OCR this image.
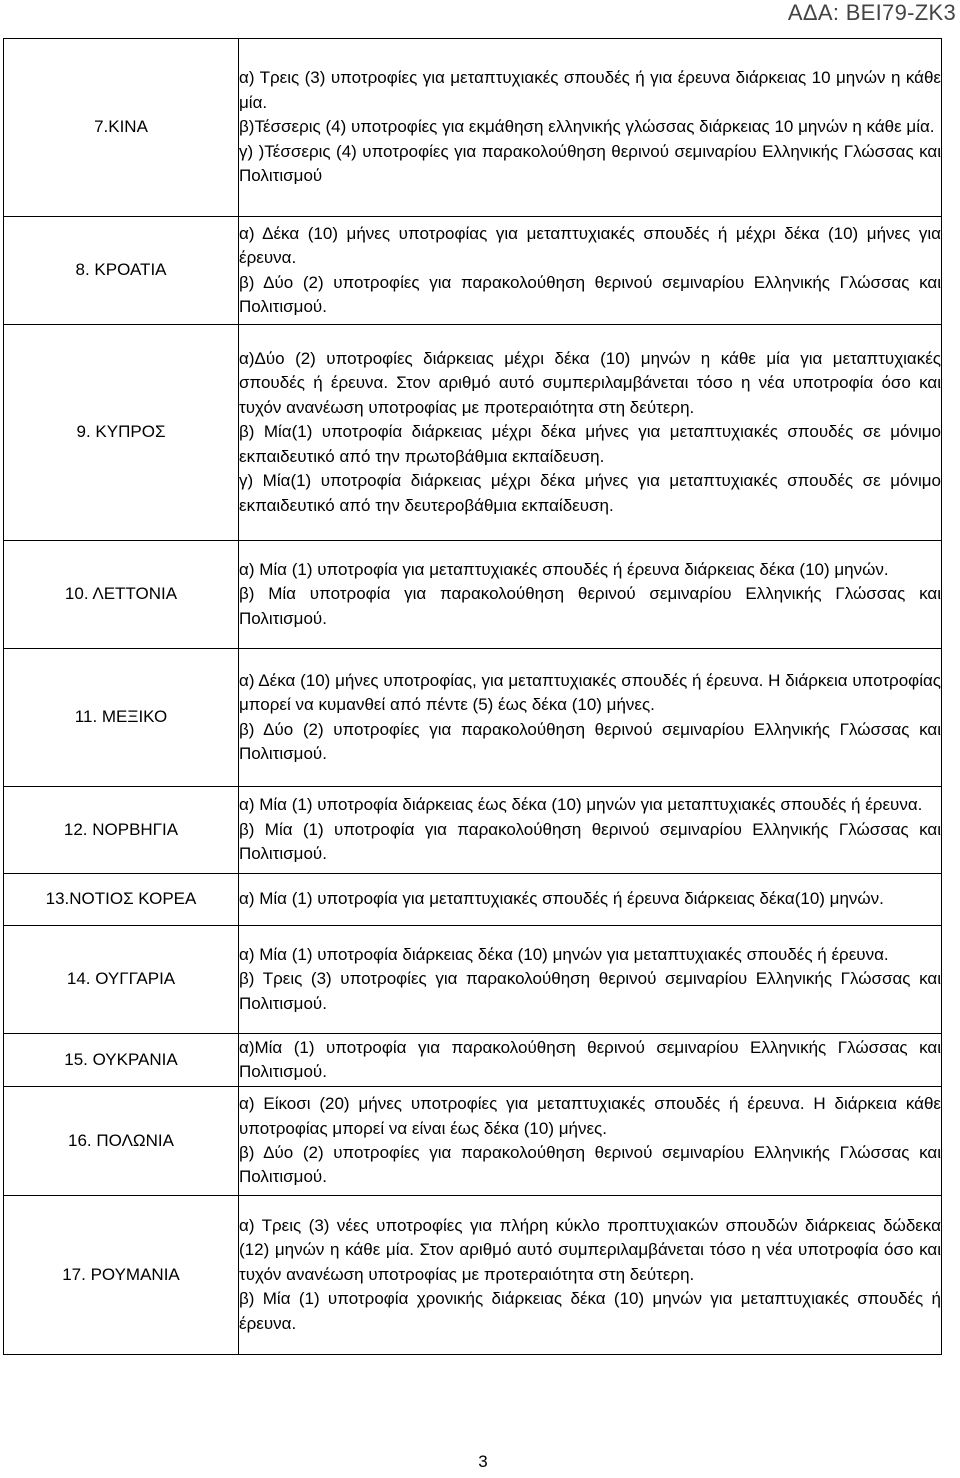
ΑΔΑ: ΒΕΙ79-ΖΚ3
7.ΚΙΝΑ	α) Τρεις (3) υποτροφίες για μεταπτυχιακές σπουδές ή για έρευνα διάρκειας 10 μηνών η κάθε μία.
β)Τέσσερις (4) υποτροφίες για εκμάθηση ελληνικής γλώσσας διάρκειας 10 μηνών η κάθε μία.
γ) )Τέσσερις (4) υποτροφίες για παρακολούθηση θερινού σεμιναρίου Ελληνικής Γλώσσας και Πολιτισμού

8. ΚΡΟΑΤΙΑ	α) Δέκα (10) μήνες υποτροφίας για μεταπτυχιακές σπουδές ή μέχρι δέκα (10) μήνες για έρευνα.
β) Δύο (2) υποτροφίες για παρακολούθηση θερινού σεμιναρίου Ελληνικής Γλώσσας και Πολιτισμού.

9. ΚΥΠΡΟΣ	α)Δύο (2) υποτροφίες διάρκειας μέχρι δέκα (10) μηνών η κάθε μία για μεταπτυχιακές σπουδές ή έρευνα. Στον αριθμό αυτό συμπεριλαμβάνεται τόσο η νέα υποτροφία όσο και τυχόν ανανέωση υποτροφίας με προτεραιότητα στη δεύτερη.
β) Μία(1) υποτροφία διάρκειας μέχρι δέκα μήνες για μεταπτυχιακές σπουδές σε μόνιμο εκπαιδευτικό από την πρωτοβάθμια εκπαίδευση.
γ) Μία(1) υποτροφία διάρκειας μέχρι δέκα μήνες για μεταπτυχιακές σπουδές σε μόνιμο εκπαιδευτικό από την δευτεροβάθμια εκπαίδευση.

10. ΛΕΤΤΟΝΙΑ	α) Μία (1) υποτροφία για μεταπτυχιακές σπουδές ή έρευνα διάρκειας δέκα (10) μηνών.
β) Μία υποτροφία για παρακολούθηση θερινού σεμιναρίου Ελληνικής Γλώσσας και Πολιτισμού.

11. ΜΕΞΙΚΟ	α) Δέκα (10) μήνες υποτροφίας, για μεταπτυχιακές σπουδές ή έρευνα. Η διάρκεια υποτροφίας μπορεί να κυμανθεί από πέντε (5) έως δέκα (10) μήνες.
β) Δύο (2) υποτροφίες για παρακολούθηση θερινού σεμιναρίου Ελληνικής Γλώσσας και Πολιτισμού.

12. ΝΟΡΒΗΓΙΑ	α) Μία (1) υποτροφία διάρκειας έως δέκα (10) μηνών για μεταπτυχιακές σπουδές ή έρευνα.
β) Μία (1) υποτροφία για παρακολούθηση θερινού σεμιναρίου Ελληνικής Γλώσσας και Πολιτισμού.

13.ΝΟΤΙΟΣ ΚΟΡΕΑ	α) Μία (1) υποτροφία για μεταπτυχιακές σπουδές ή έρευνα διάρκειας δέκα(10) μηνών.

14. ΟΥΓΓΑΡΙΑ	α) Μία (1) υποτροφία διάρκειας δέκα (10) μηνών για μεταπτυχιακές σπουδές ή έρευνα.
β) Τρεις (3) υποτροφίες για παρακολούθηση θερινού σεμιναρίου Ελληνικής Γλώσσας και Πολιτισμού.

15. ΟΥΚΡΑΝΙΑ	α)Μία (1) υποτροφία για παρακολούθηση θερινού σεμιναρίου Ελληνικής Γλώσσας και Πολιτισμού.

16. ΠΟΛΩΝΙΑ	α) Είκοσι (20) μήνες υποτροφίες για μεταπτυχιακές σπουδές ή έρευνα. Η διάρκεια κάθε υποτροφίας μπορεί να είναι έως δέκα (10) μήνες.
β) Δύο (2) υποτροφίες για παρακολούθηση θερινού σεμιναρίου Ελληνικής Γλώσσας και Πολιτισμού.

17. ΡΟΥΜΑΝΙΑ	α) Τρεις (3) νέες υποτροφίες για πλήρη κύκλο προπτυχιακών σπουδών διάρκειας δώδεκα (12) μηνών η κάθε μία. Στον αριθμό αυτό συμπεριλαμβάνεται τόσο η νέα υποτροφία όσο και τυχόν ανανέωση υποτροφίας με προτεραιότητα στη δεύτερη.
β) Μία (1) υποτροφία χρονικής διάρκειας δέκα (10) μηνών για μεταπτυχιακές σπουδές ή έρευνα.
3
